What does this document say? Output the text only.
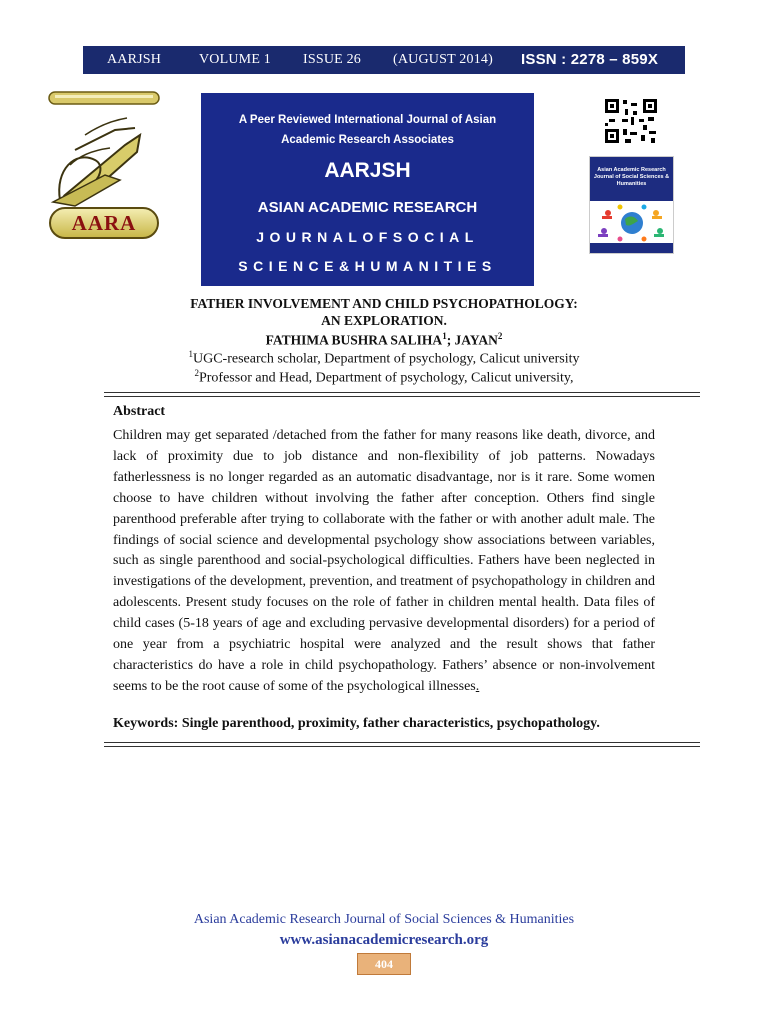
AARJSH	VOLUME 1 ISSUE 26 (AUGUST 2014) ISSN : 2278 – 859X
AARA
A Peer Reviewed International Journal of Asian
Academic Research Associates
AARJSH
ASIAN ACADEMIC RESEARCH
JOURNALOFSOCIAL
SCIENCE&HUMANITIES
Asian Academic Research Journal of Social Sciences & Humanities
FATHER INVOLVEMENT AND CHILD PSYCHOPATHOLOGY:
AN EXPLORATION.
FATHIMA BUSHRA SALIHA$^1$; JAYAN$^2$
$^1$UGC-research scholar, Department of psychology, Calicut university
$^2$Professor and Head, Department of psychology, Calicut university,
Abstract
Children may get separated /detached from the father for many reasons like death, divorce, and lack of proximity due to job distance and non-flexibility of job patterns. Nowadays fatherlessness is no longer regarded as an automatic disadvantage, nor is it rare. Some women choose to have children without involving the father after conception. Others find single parenthood preferable after trying to collaborate with the father or with another adult male. The findings of social science and developmental psychology show associations between variables, such as single parenthood and social-psychological difficulties. Fathers have been neglected in investigations of the development, prevention, and treatment of psychopathology in children and adolescents. Present study focuses on the role of father in children mental health. Data files of child cases (5-18 years of age and excluding pervasive developmental disorders) for a period of one year from a psychiatric hospital were analyzed and the result shows that father characteristics do have a role in child psychopathology. Fathers’ absence or non-involvement seems to be the root cause of some of the psychological illnesses.
Keywords: Single parenthood, proximity, father characteristics, psychopathology.
Asian Academic Research Journal of Social Sciences & Humanities
www.asianacademicresearch.org
404
